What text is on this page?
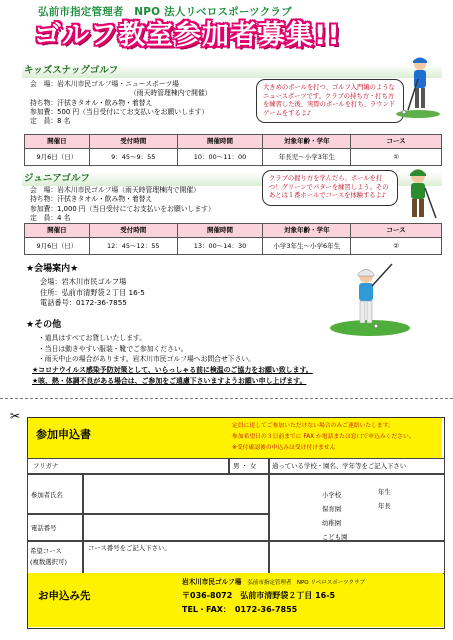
弘前市指定管理者　NPO 法人リベロスポーツクラブ
ゴルフ教室参加者募集!!
キッズスナッグゴルフ
会　場：岩木川市民ゴルフ場・ニュースポーツ場
（雨天時管理棟内で開催）
持ち物：汗拭きタオル・飲み物・着替え
参加費：500 円（当日受付にてお支払いをお願いします）
定　員：8 名
大きめのボールを打つ、ゴルフ入門編のようなニュースポーツです。クラブの持ち方・打ち方を練習した後、実際のボールを打ち、ラウンドゲームをするよ♪
開催日	受付時間	開催時間	対象年齢・学年	コース
9月6日（日）	9：45～9：55	10：00～11：00	年長児～小学3年生	①
ジュニアゴルフ
会　場：岩木川市民ゴルフ場（雨天時管理棟内で開催）
持ち物：汗拭きタオル・飲み物・着替え
参加費：1,000 円（当日受付にてお支払いをお願いします）
定　員：4 名
クラブの握り方を学んだら、ボールを打つ！グリーンでパターを練習しよう。そのあとは１番ホールでコースを体験するよ♪
開催日	受付時間	開催時間	対象年齢・学年	コース
9月6日（日）	12：45～12：55	13：00～14：30	小学3年生～小学6年生	②
★会場案内★
会場：岩木川市民ゴルフ場
住所：弘前市清野袋２丁目 16-5
電話番号：0172-36-7855
★その他
・道具はすべてお貸しいたします。
・当日は動きやすい服装・靴でご参加ください。
・雨天中止の場合があります。岩木川市民ゴルフ場へお問合せ下さい。
★コロナウイルス感染予防対策として、いらっしゃる前に検温のご協力をお願い致します。
★咳、熱・体調不良がある場合は、ご参加をご遠慮下さいますようお願い申し上げます。
✂
参加申込書
定員に達してご参加いただけない場合のみご連絡いたします。
参加希望日の３日前までに FAX か電話または窓口で申込みください。
※受付確認後の申込みは受け付けません
フリガナ	男 ・ 女 通っている学校・園名、学年等をご記入下さい
参加者氏名
電話番号
小学校
保育園
幼稚園
こども園
年生
年長
希望コース
(複数選択可)
コース番号をご記入下さい。
お申込み先
岩木川市民ゴルフ場 弘前市指定管理者　NPO リベロスポーツクラブ
〒036-8072　弘前市清野袋２丁目 16-5
TEL・FAX：　0172-36-7855
